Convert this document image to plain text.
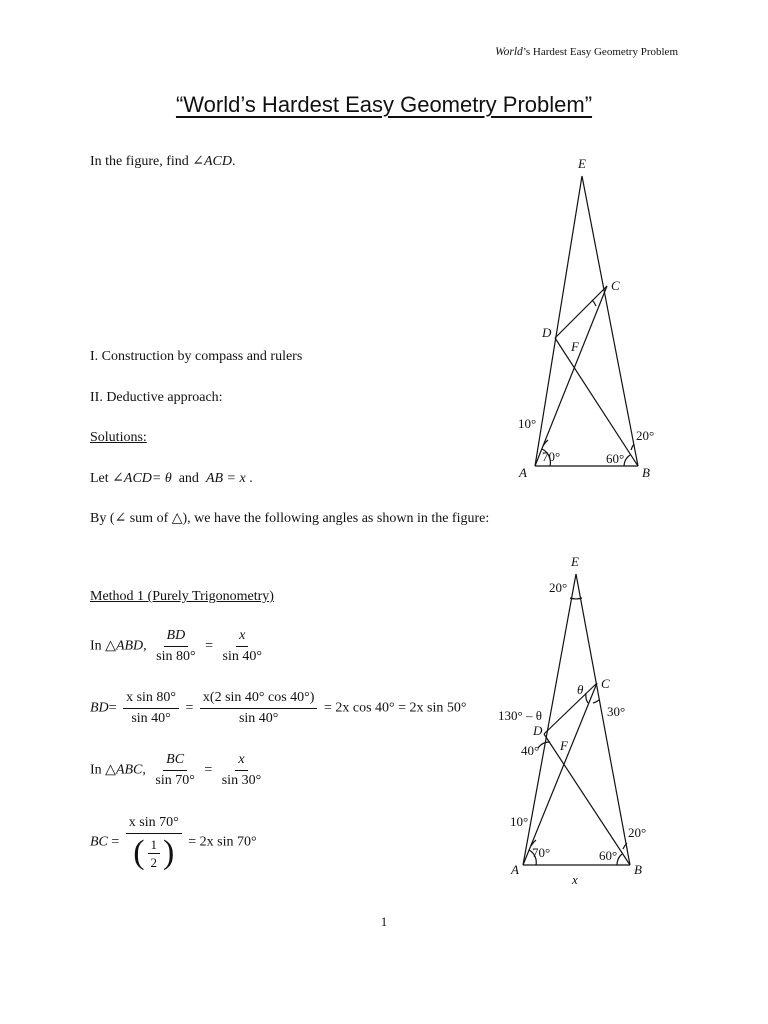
World’s Hardest Easy Geometry Problem
“World’s Hardest Easy Geometry Problem”
In the figure, find ∠ACD.
I. Construction by compass and rulers
II. Deductive approach:
Solutions:
Let ∠ACD= θ and AB = x .
By (∠ sum of △), we have the following angles as shown in the figure:
Method 1 (Purely Trigonometry)
In △ABD, $\frac{BD}{\sin 80^\circ} = \frac{x}{\sin 40^\circ}$
$BD= \frac{\text{x sin 80°}}{\sin 40^\circ} = \frac{x(2 \sin 40^\circ \cos 40^\circ)}{\sin 40^\circ} = 2x$ cos 40° = 2x sin 50°
In △ABC, $\frac{BC}{\sin 70^\circ} = \frac{x}{\sin 30^\circ}$
BC = $\frac{\text{x sin 70°}}{( \frac{1}{2} )} = 2x$ sin 70°
E
C
D
F
A	B
10°
20°
70°	60°
E
C
D
F
A	B
x
20°
θ
30°
130° – θ
40°
10°
20°
70°	60°
1
